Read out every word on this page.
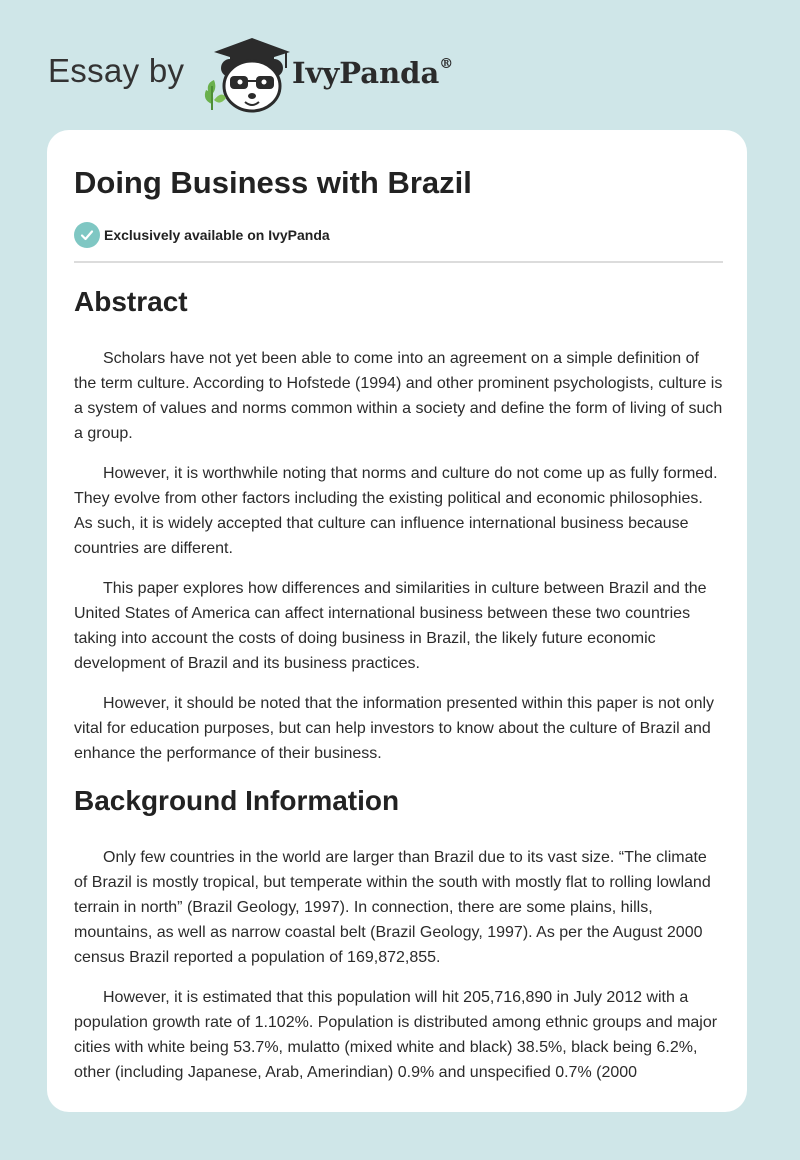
Essay by	IvyPanda®
Doing Business with Brazil
Exclusively available on IvyPanda
Abstract

Scholars have not yet been able to come into an agreement on a simple definition of the term culture. According to Hofstede (1994) and other prominent psychologists, culture is a system of values and norms common within a society and define the form of living of such a group.

However, it is worthwhile noting that norms and culture do not come up as fully formed. They evolve from other factors including the existing political and economic philosophies. As such, it is widely accepted that culture can influence international business because countries are different.

This paper explores how differences and similarities in culture between Brazil and the United States of America can affect international business between these two countries taking into account the costs of doing business in Brazil, the likely future economic development of Brazil and its business practices.

However, it should be noted that the information presented within this paper is not only vital for education purposes, but can help investors to know about the culture of Brazil and enhance the performance of their business.

Background Information

Only few countries in the world are larger than Brazil due to its vast size. “The climate of Brazil is mostly tropical, but temperate within the south with mostly flat to rolling lowland terrain in north” (Brazil Geology, 1997). In connection, there are some plains, hills, mountains, as well as narrow coastal belt (Brazil Geology, 1997). As per the August 2000 census Brazil reported a population of 169,872,855.

However, it is estimated that this population will hit 205,716,890 in July 2012 with a population growth rate of 1.102%. Population is distributed among ethnic groups and major cities with white being 53.7%, mulatto (mixed white and black) 38.5%, black being 6.2%, other (including Japanese, Arab, Amerindian) 0.9% and unspecified 0.7% (2000
